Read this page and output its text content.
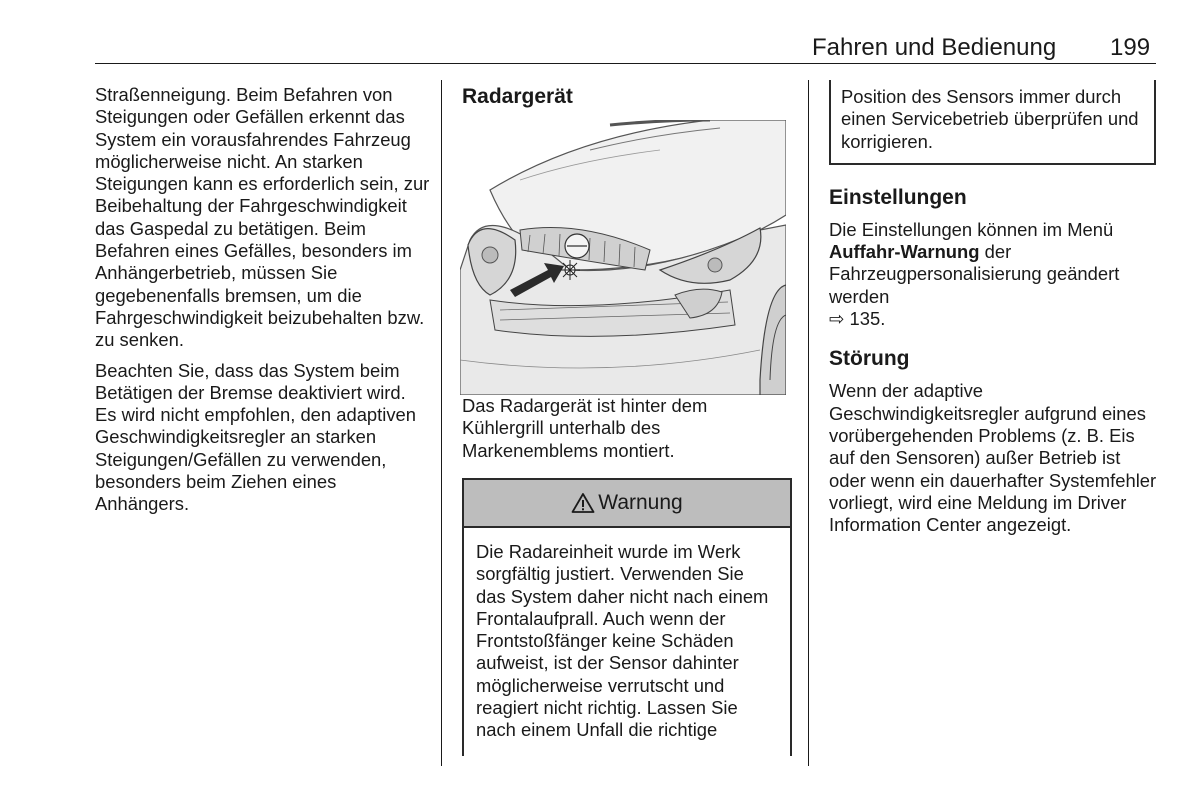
Fahren und Bedienung 199

Straßenneigung. Beim Befahren von Steigungen oder Gefällen erkennt das System ein vorausfahrendes Fahrzeug möglicherweise nicht. An starken Steigungen kann es erforderlich sein, zur Beibehaltung der Fahrgeschwindigkeit das Gaspedal zu betätigen. Beim Befahren eines Gefälles, besonders im Anhängerbetrieb, müssen Sie gegebenenfalls bremsen, um die Fahrgeschwindigkeit beizubehalten bzw. zu senken.

Beachten Sie, dass das System beim Betätigen der Bremse deaktiviert wird. Es wird nicht empfohlen, den adaptiven Geschwindigkeitsregler an starken Steigungen/Gefällen zu verwenden, besonders beim Ziehen eines Anhängers.

Radargerät

Das Radargerät ist hinter dem Kühlergrill unterhalb des Markenemblems montiert.

Warnung
Die Radareinheit wurde im Werk sorgfältig justiert. Verwenden Sie das System daher nicht nach einem Frontalaufprall. Auch wenn der Frontstoßfänger keine Schäden aufweist, ist der Sensor dahinter möglicherweise verrutscht und reagiert nicht richtig. Lassen Sie nach einem Unfall die richtige
Position des Sensors immer durch einen Servicebetrieb überprüfen und korrigieren.
Einstellungen

Die Einstellungen können im Menü Auffahr-Warnung der Fahrzeugpersonalisierung geändert werden
⇨ 135.

Störung

Wenn der adaptive Geschwindigkeitsregler aufgrund eines vorübergehenden Problems (z. B. Eis auf den Sensoren) außer Betrieb ist oder wenn ein dauerhafter Systemfehler vorliegt, wird eine Meldung im Driver Information Center angezeigt.
